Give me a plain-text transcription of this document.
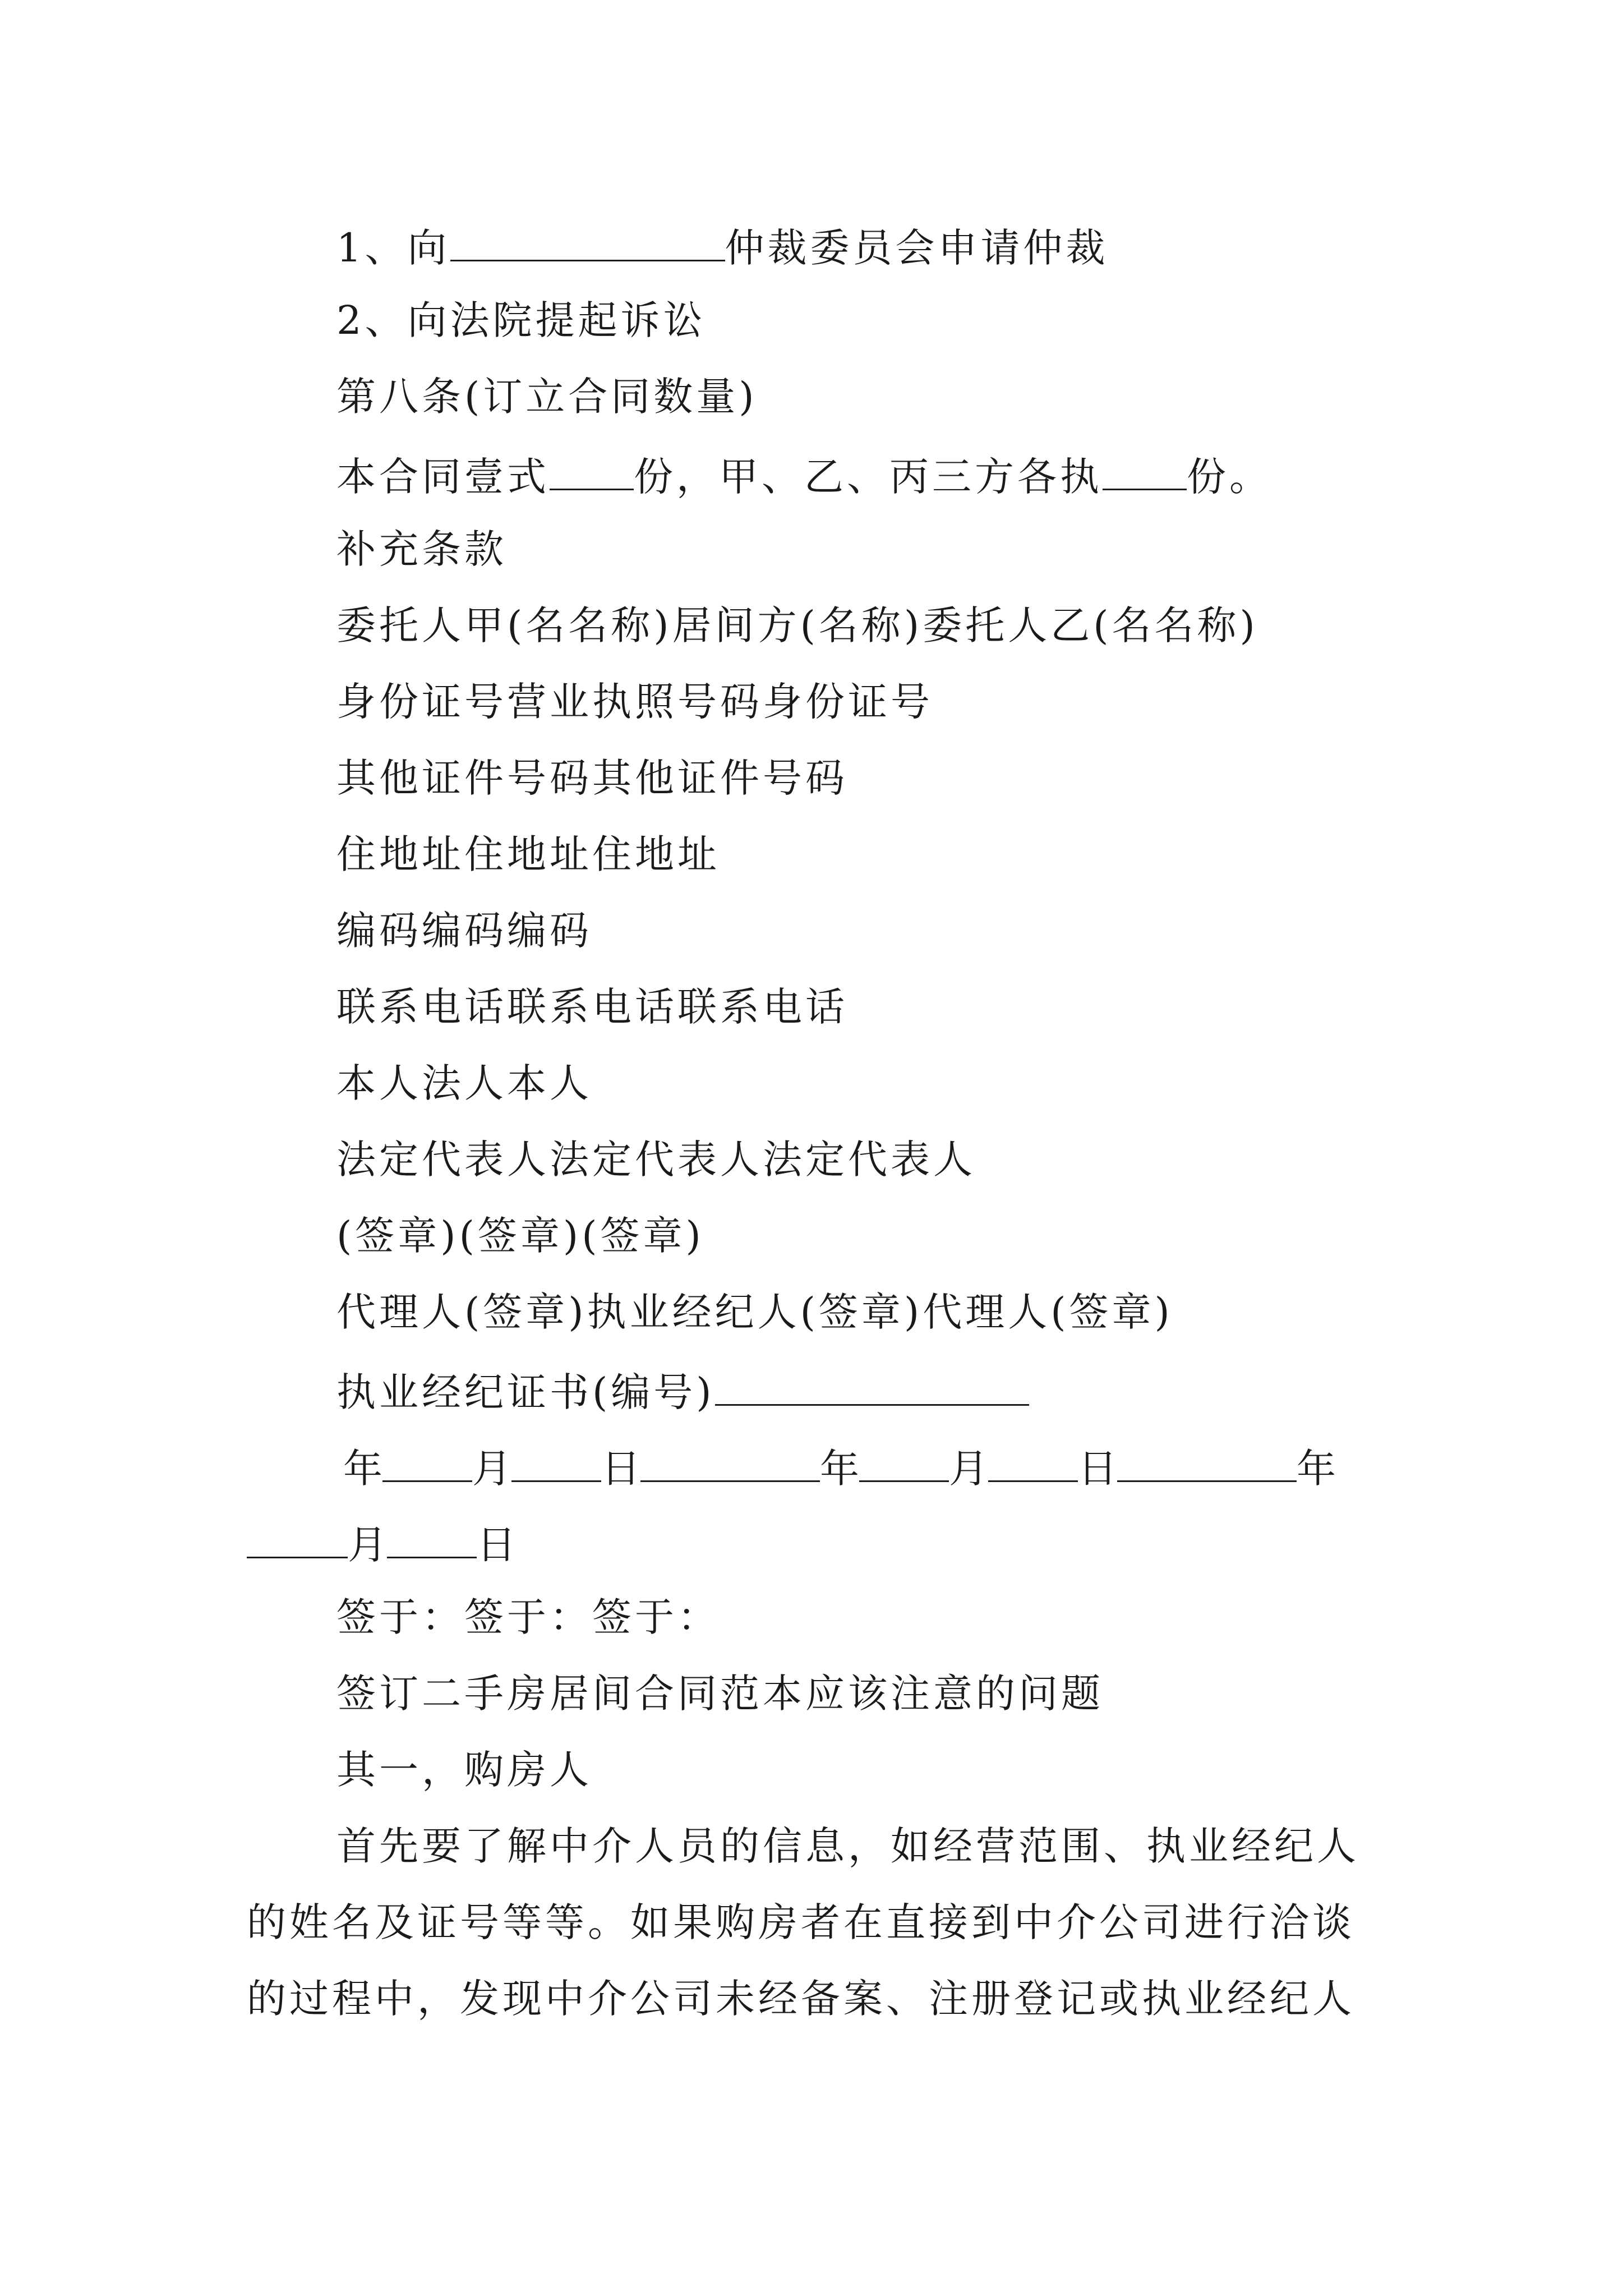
1、向	仲裁委员会申请仲裁

2、向法院提起诉讼

第八条(订立合同数量)

本合同壹式 份，甲、乙、丙三方各执 份。

补充条款

委托人甲(名名称)居间方(名称)委托人乙(名名称)

身份证号营业执照号码身份证号

其他证件号码其他证件号码

住地址住地址住地址

编码编码编码

联系电话联系电话联系电话

本人法人本人

法定代表人法定代表人法定代表人

(签章)(签章)(签章)

代理人(签章)执业经纪人(签章)代理人(签章)

执业经纪证书(编号)

年 月 日	年 月 日	年

月 日

签于：签于：签于：

签订二手房居间合同范本应该注意的问题

其一，购房人

首先要了解中介人员的信息，如经营范围、执业经纪人

的姓名及证号等等。如果购房者在直接到中介公司进行洽谈

的过程中，发现中介公司未经备案、注册登记或执业经纪人
